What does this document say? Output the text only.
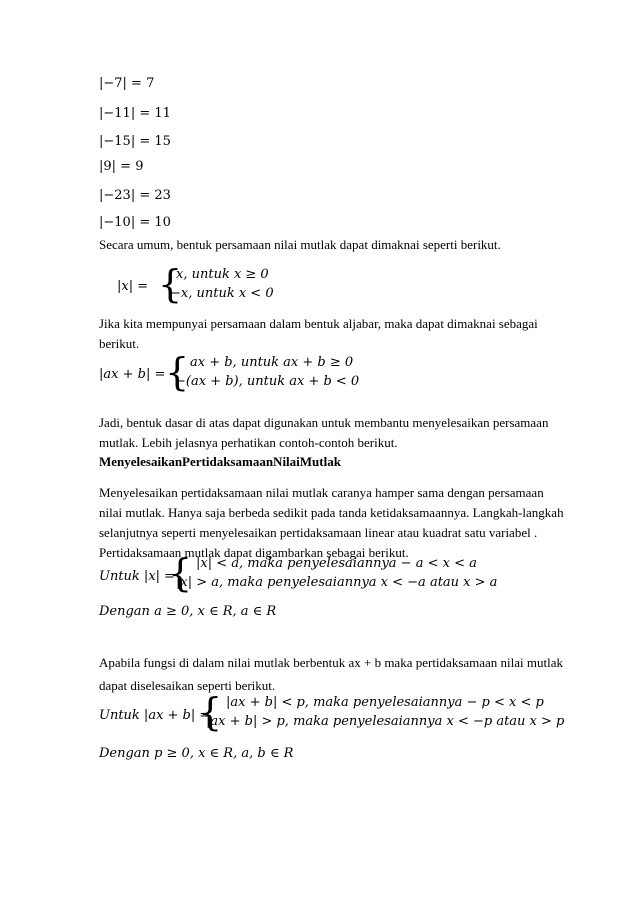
|−7| = 7
|−11| = 11
|−15| = 15
|9| = 9
|−23| = 23
|−10| = 10
Secara umum, bentuk persamaan nilai mutlak dapat dimaknai seperti berikut.
|x| = {
x, untuk x ≥ 0
−x, untuk x < 0
Jika kita mempunyai persamaan dalam bentuk aljabar, maka dapat dimaknai sebagai
berikut.
|ax + b| = { ax + b, untuk ax + b ≥ 0
−(ax + b), untuk ax + b < 0
Jadi, bentuk dasar di atas dapat digunakan untuk membantu menyelesaikan persamaan
mutlak. Lebih jelasnya perhatikan contoh-contoh berikut.
MenyelesaikanPertidaksamaanNilaiMutlak
Menyelesaikan pertidaksamaan nilai mutlak caranya hamper sama dengan persamaan
nilai mutlak. Hanya saja berbeda sedikit pada tanda ketidaksamaannya. Langkah-langkah
selanjutnya seperti menyelesaikan pertidaksamaan linear atau kuadrat satu variabel .
Pertidaksamaan mutlak dapat digambarkan sebagai berikut.
Untuk |x| =
{ |x| < a, maka penyelesaiannya − a < x < a
|x| > a, maka penyelesaiannya x < −a atau x > a
Dengan a ≥ 0, x ∈ R, a ∈ R
Apabila fungsi di dalam nilai mutlak berbentuk ax + b maka pertidaksamaan nilai mutlak
dapat diselesaikan seperti berikut.
Untuk |ax + b| =
{ |ax + b| < p, maka penyelesaiannya − p < x < p
|ax + b| > p, maka penyelesaiannya x < −p atau x > p
Dengan p ≥ 0, x ∈ R, a, b ∈ R
